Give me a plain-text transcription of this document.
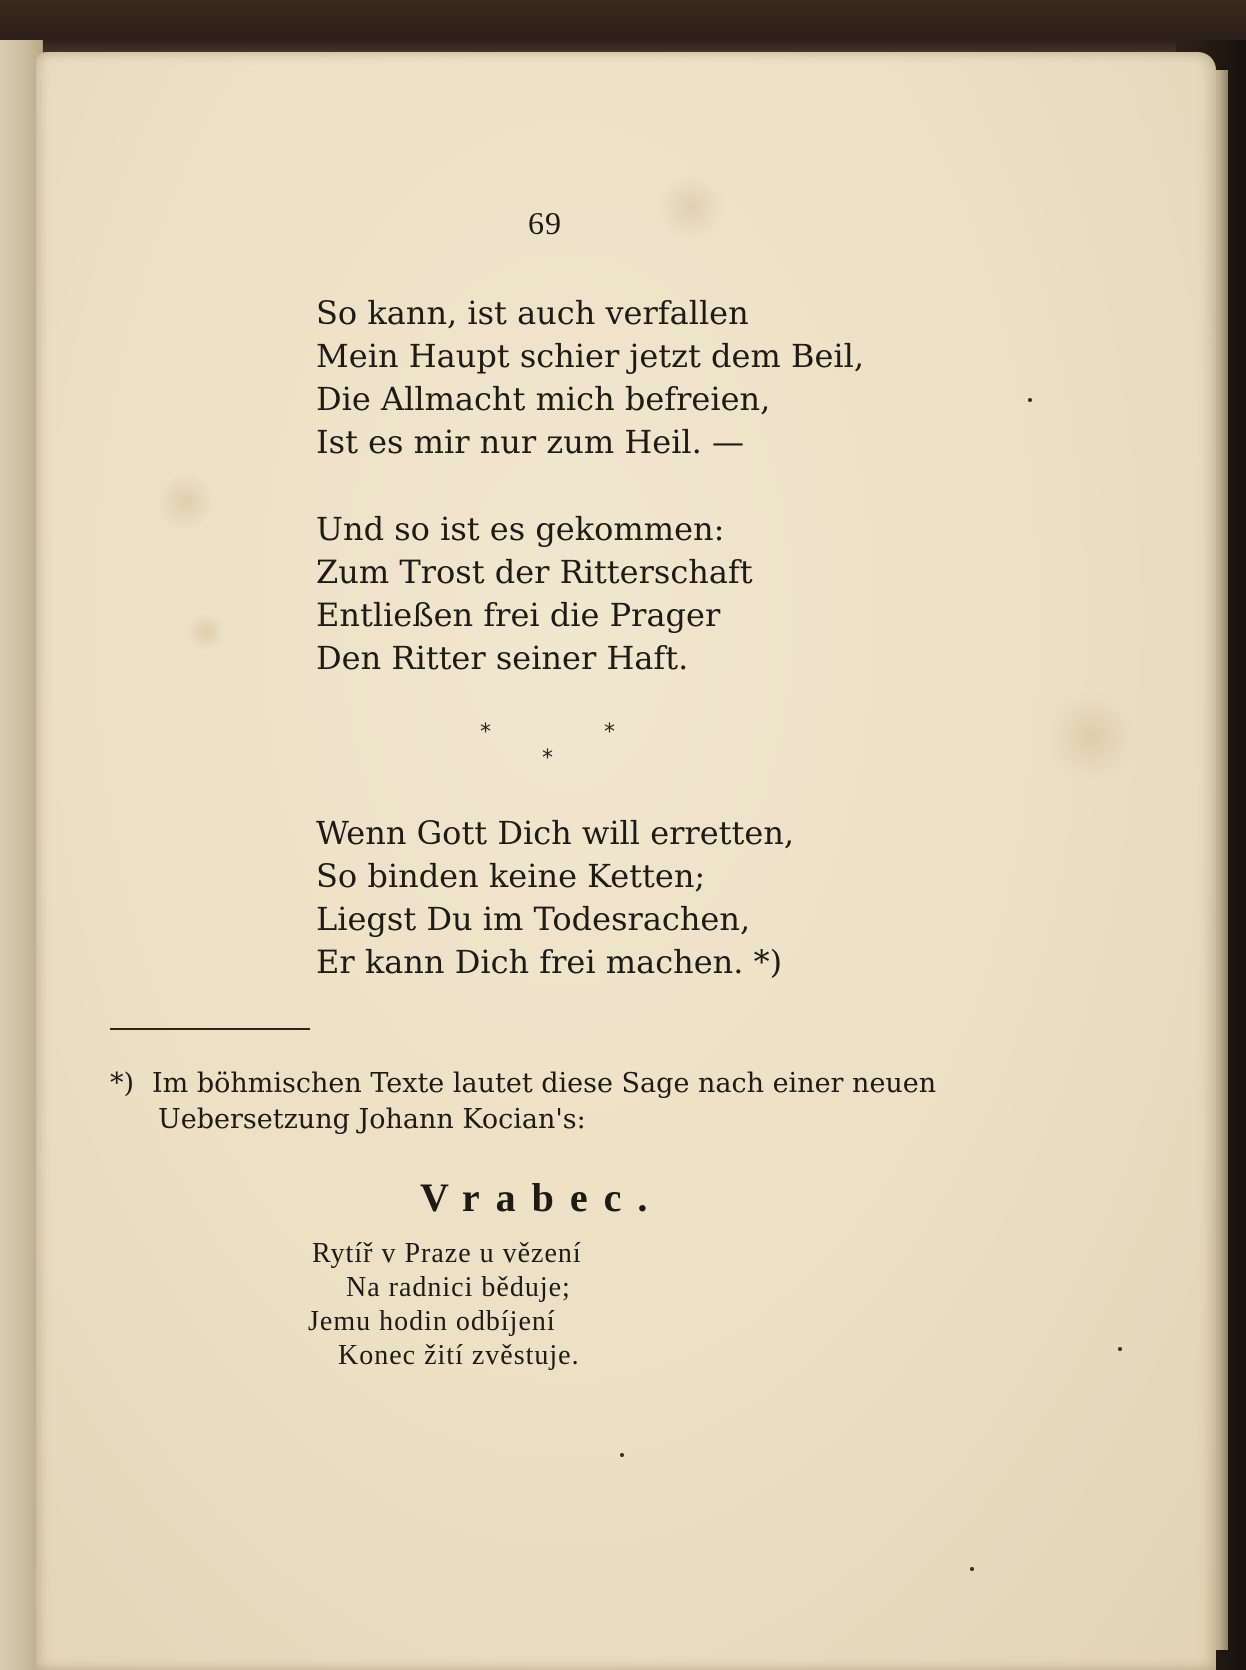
69
So kann, ist auch verfallen
Mein Haupt schier jetzt dem Beil,
Die Allmacht mich befreien,
Ist es mir nur zum Heil. —
Und so ist es gekommen:
Zum Trost der Ritterschaft
Entließen frei die Prager
Den Ritter seiner Haft.
*	*
*
Wenn Gott Dich will erretten,
So binden keine Ketten;
Liegst Du im Todesrachen,
Er kann Dich frei machen. *)
*) Im böhmischen Texte lautet diese Sage nach einer neuen
Uebersetzung Johann Kocian's:
Vrabec.
Rytíř v Praze u vězení
Na radnici běduje;
Jemu hodin odbíjení
Konec žití zvěstuje.
